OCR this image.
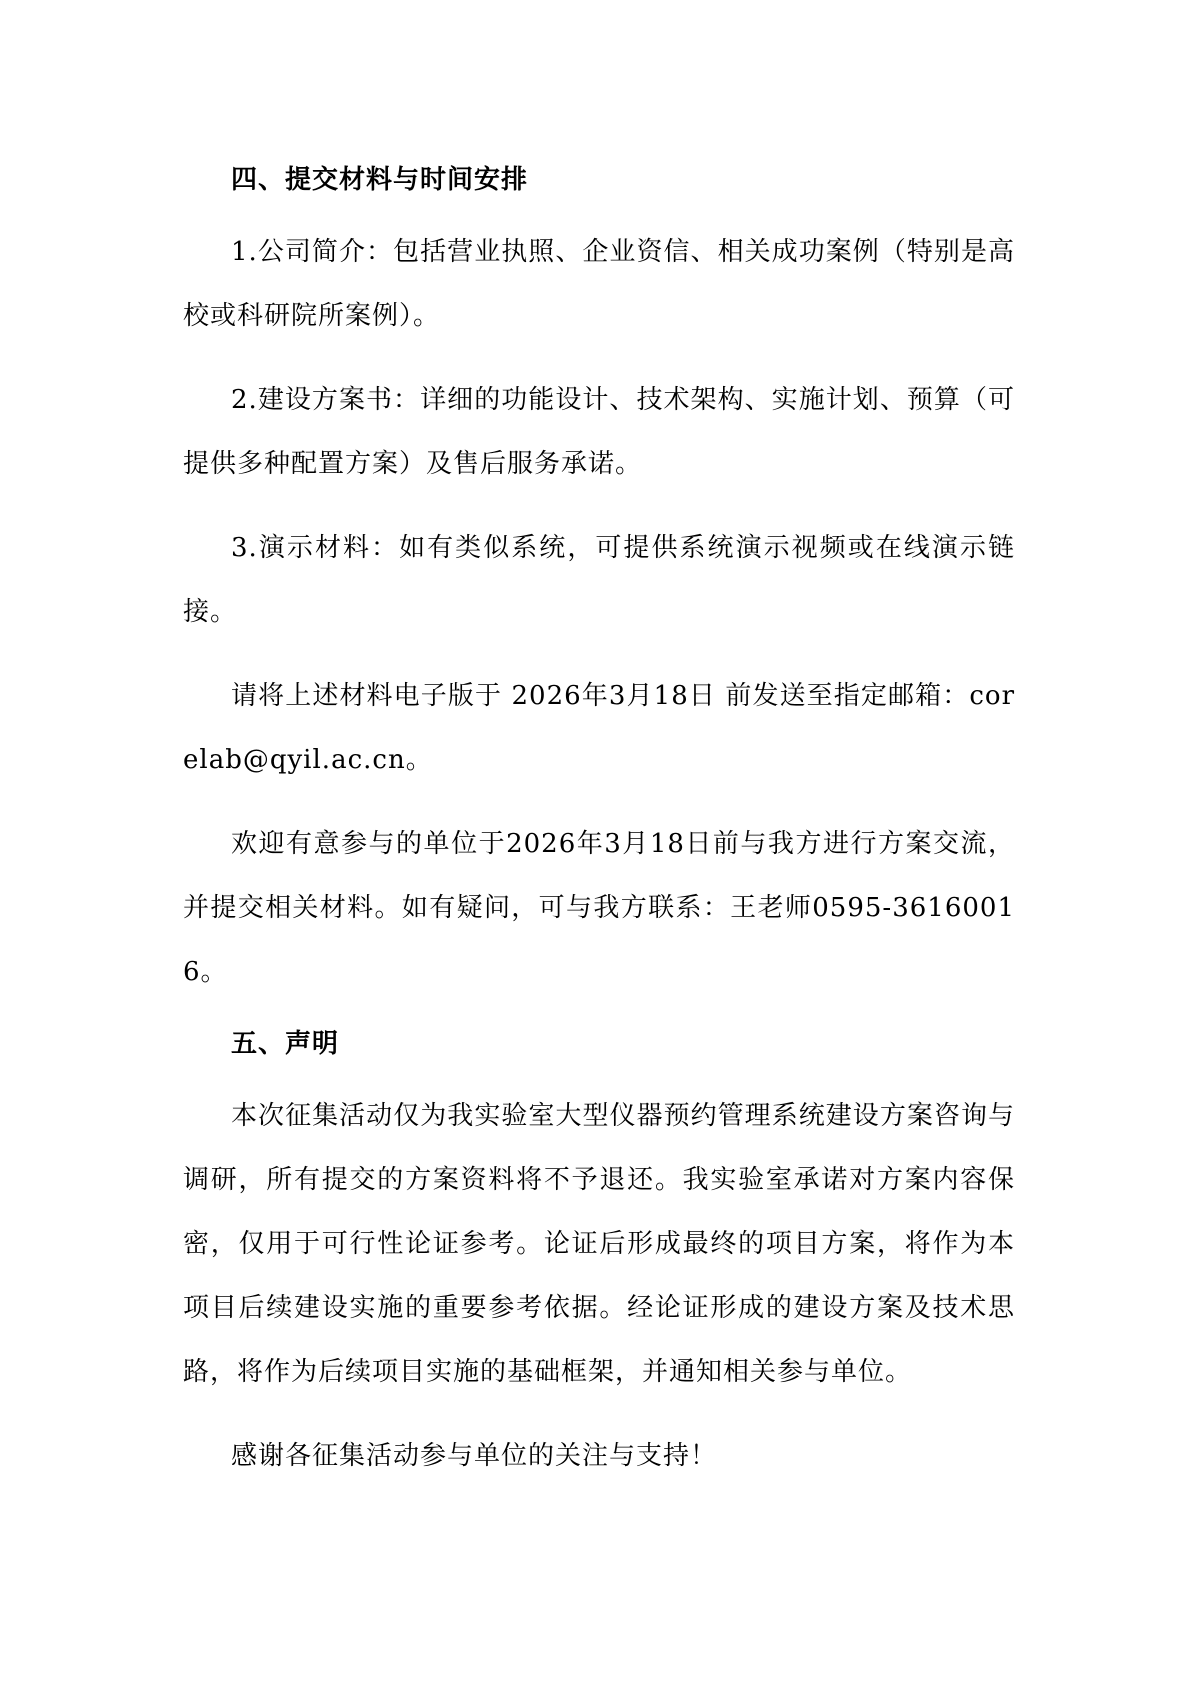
四、提交材料与时间安排

1.公司简介：包括营业执照、企业资信、相关成功案例（特别是高校或科研院所案例）。

2.建设方案书：详细的功能设计、技术架构、实施计划、预算（可提供多种配置方案）及售后服务承诺。

3.演示材料：如有类似系统，可提供系统演示视频或在线演示链接。

请将上述材料电子版于 2026年3月18日 前发送至指定邮箱：corelab@qyil.ac.cn。

欢迎有意参与的单位于2026年3月18日前与我方进行方案交流，并提交相关材料。如有疑问，可与我方联系：王老师0595-36160016。

五、声明

本次征集活动仅为我实验室大型仪器预约管理系统建设方案咨询与调研，所有提交的方案资料将不予退还。我实验室承诺对方案内容保密，仅用于可行性论证参考。论证后形成最终的项目方案，将作为本项目后续建设实施的重要参考依据。经论证形成的建设方案及技术思路，将作为后续项目实施的基础框架，并通知相关参与单位。

感谢各征集活动参与单位的关注与支持！
